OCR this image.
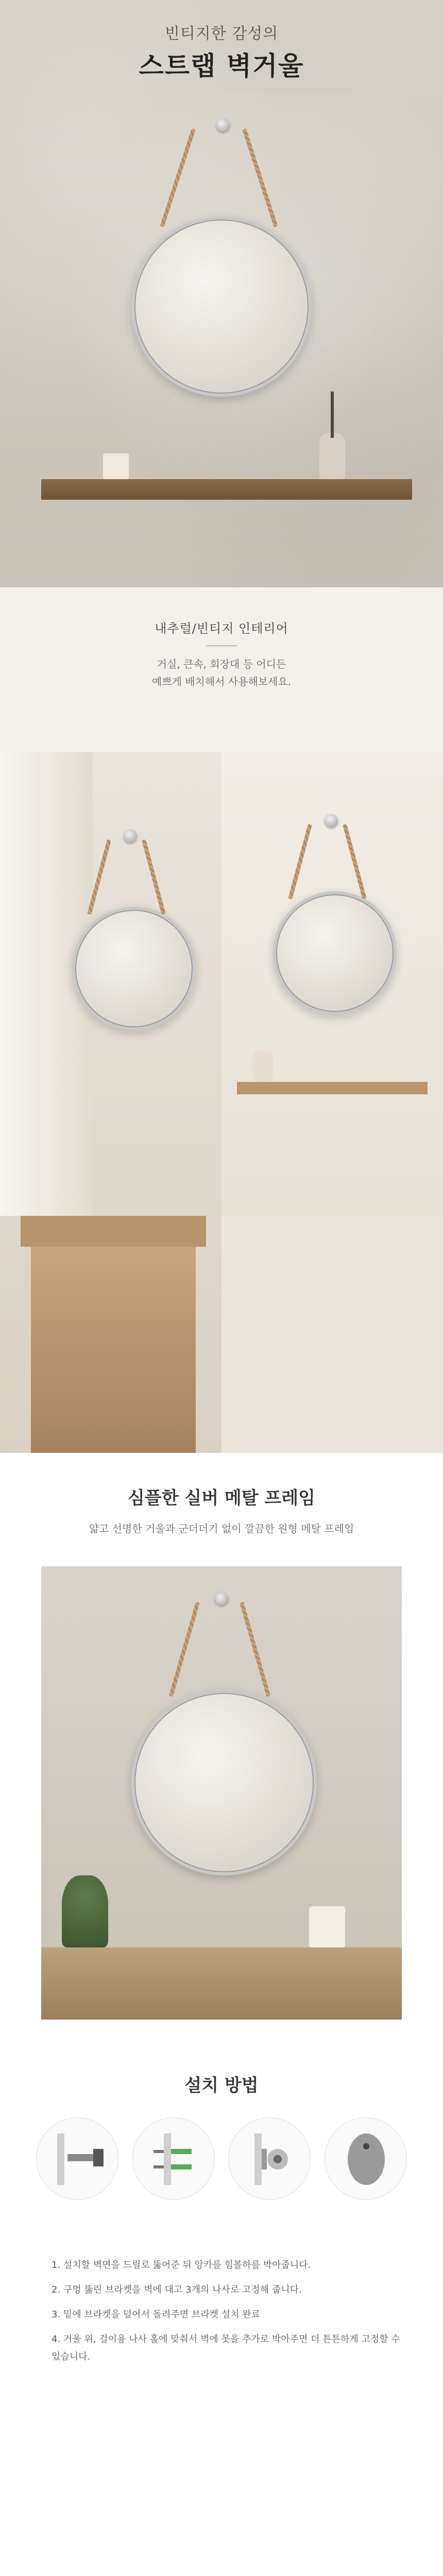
빈티지한 감성의
스트랩 벽거울
내추럴/빈티지 인테리어
거실, 큰속, 회장대 등 어디든
예쁘게 배치해서 사용해보세요.
심플한 실버 메탈 프레임
얇고 선명한 거울과 군더더기 없이 깔끔한 원형 메탈 프레임
설치 방법
1. 설치할 벽면을 드릴로 뚫어준 뒤 앙카를 힘볼하를 박아줍니다.
2. 구멍 뚫린 브라켓을 벽에 대고 3개의 나사로 고정해 줍니다.
3. 밑에 브라켓을 덮어서 돌려주면 브라켓 설치 완료
4. 거울 위, 걸이용 나사 홀에 맞춰서 벽에 못을 추가로 박아주면 더 튼튼하게 고정할 수 있습니다.
